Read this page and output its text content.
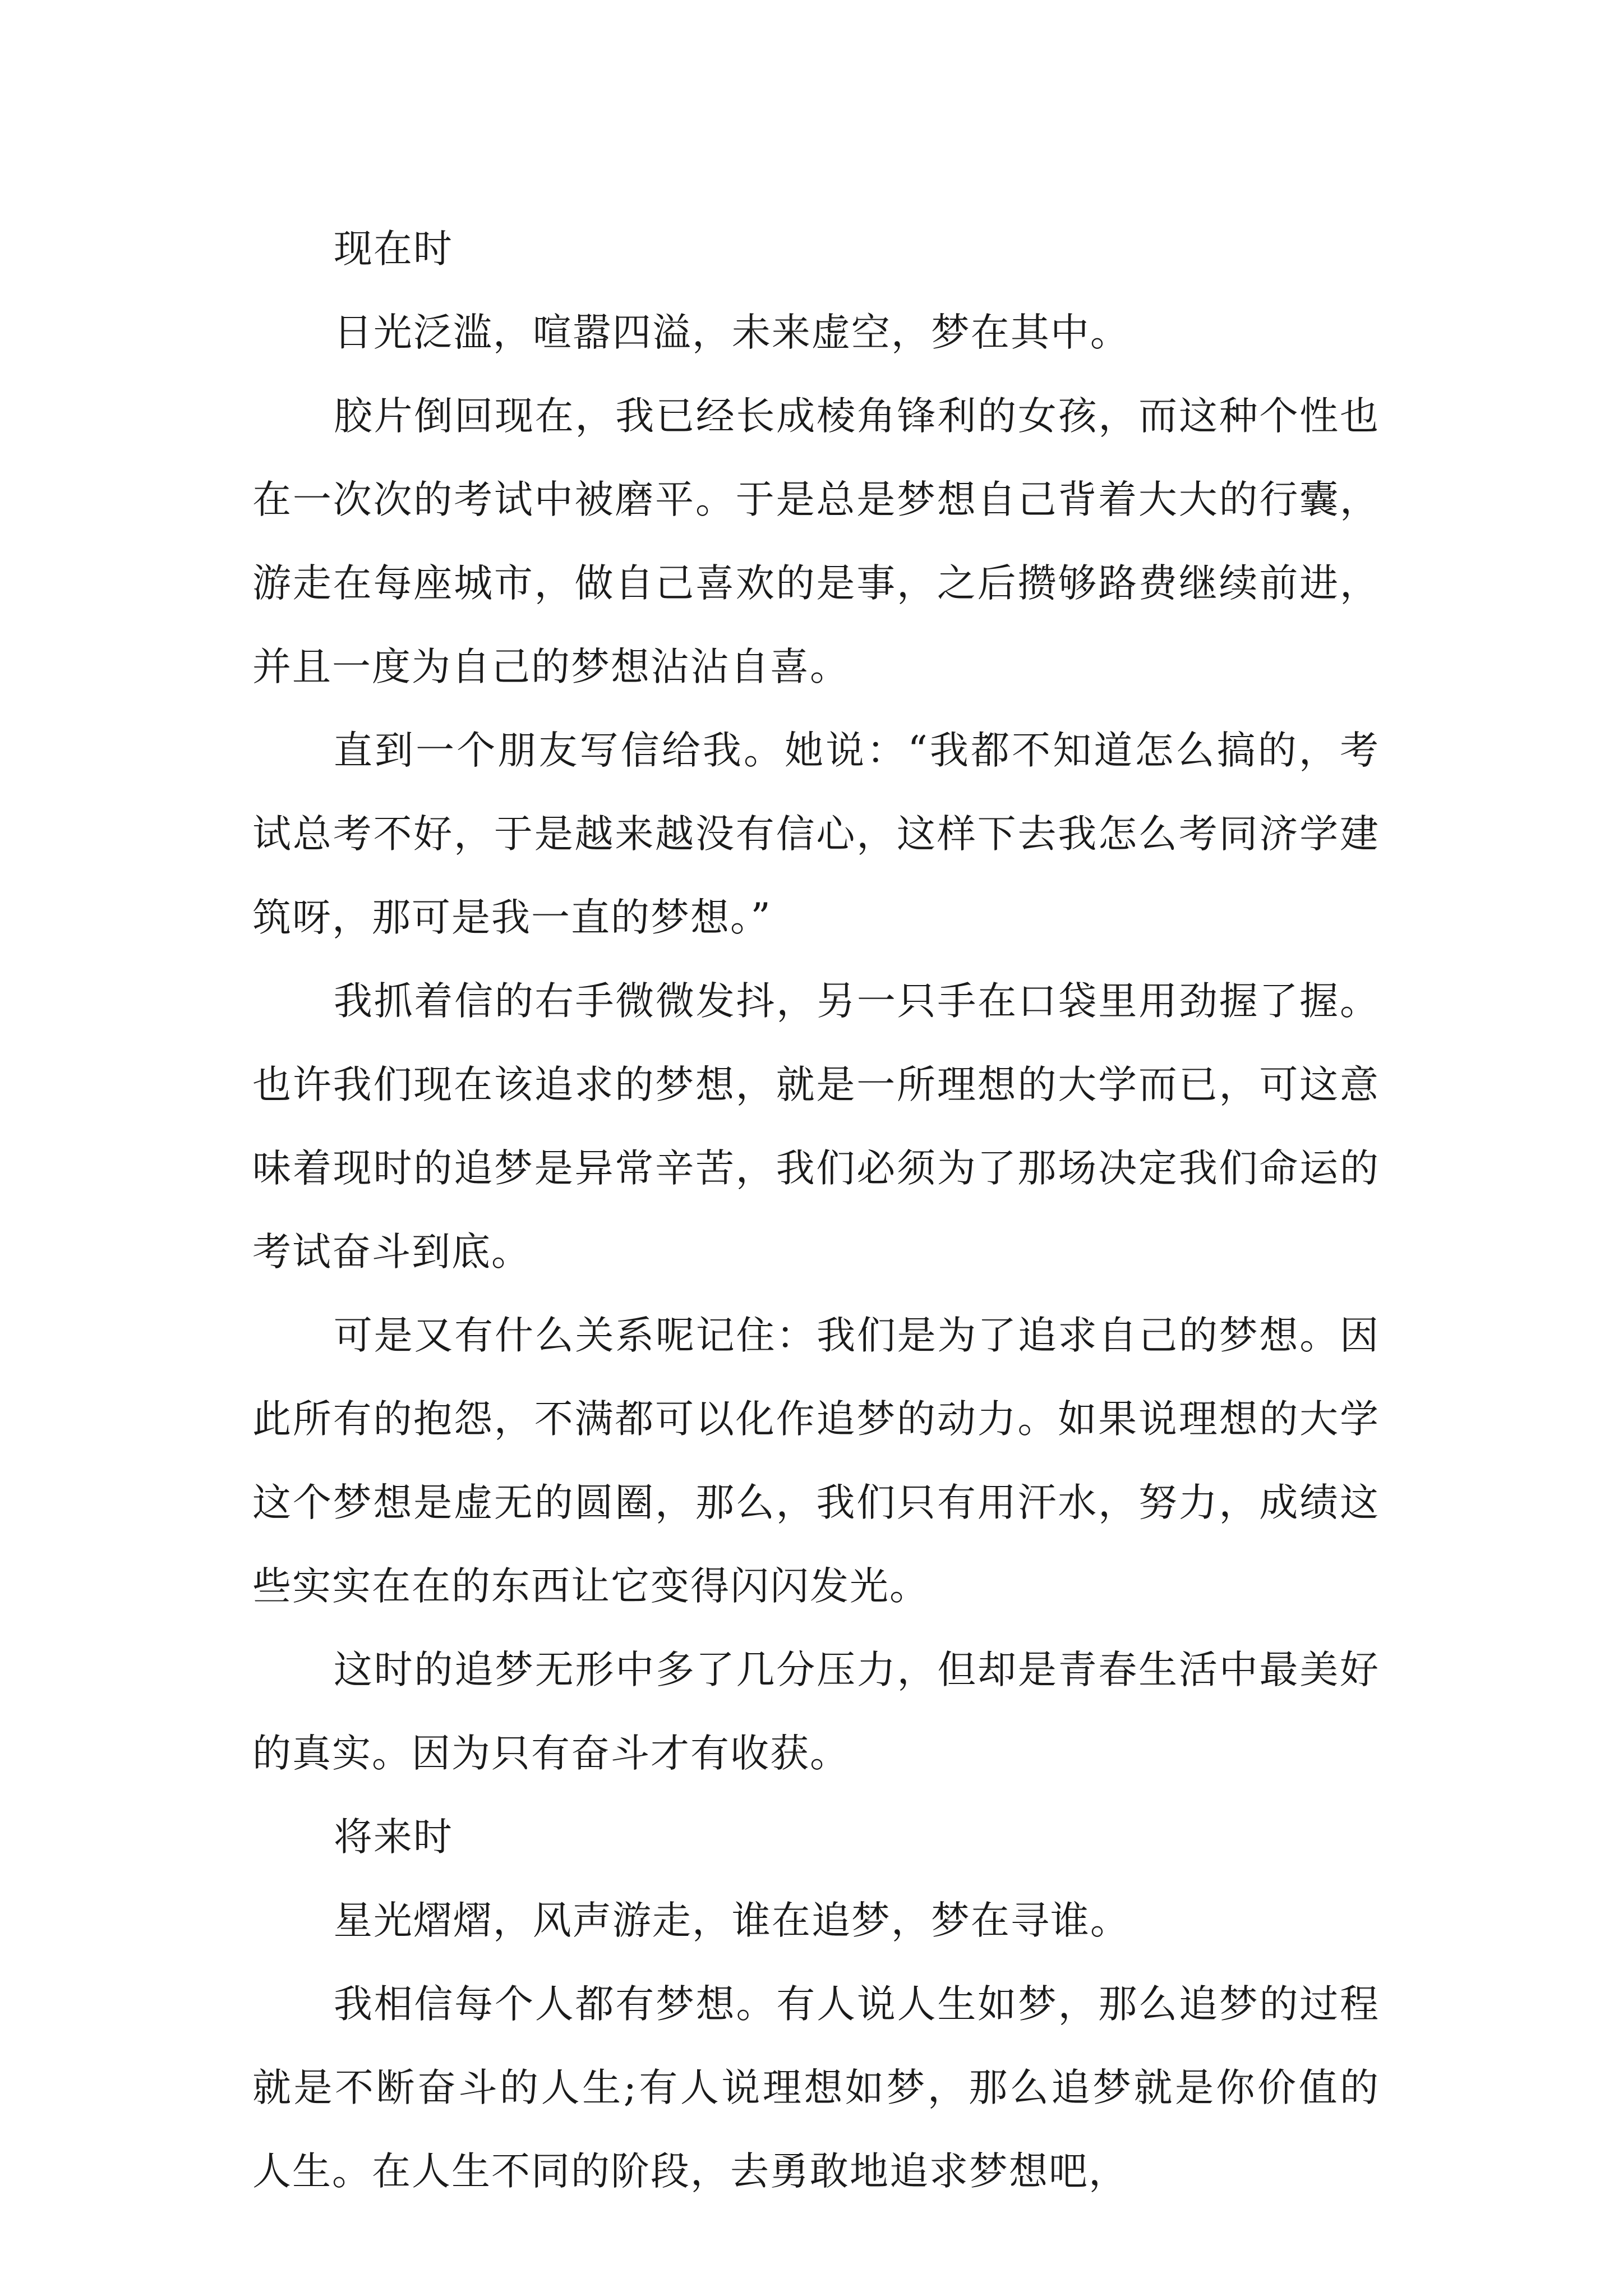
现在时

日光泛滥，喧嚣四溢，未来虚空，梦在其中。

胶片倒回现在，我已经长成棱角锋利的女孩，而这种个性也在一次次的考试中被磨平。于是总是梦想自己背着大大的行囊，游走在每座城市，做自己喜欢的是事，之后攒够路费继续前进，并且一度为自己的梦想沾沾自喜。

直到一个朋友写信给我。她说：“我都不知道怎么搞的，考试总考不好，于是越来越没有信心，这样下去我怎么考同济学建筑呀，那可是我一直的梦想。”

我抓着信的右手微微发抖，另一只手在口袋里用劲握了握。也许我们现在该追求的梦想，就是一所理想的大学而已，可这意味着现时的追梦是异常辛苦，我们必须为了那场决定我们命运的考试奋斗到底。

可是又有什么关系呢记住：我们是为了追求自己的梦想。因此所有的抱怨，不满都可以化作追梦的动力。如果说理想的大学这个梦想是虚无的圆圈，那么，我们只有用汗水，努力，成绩这些实实在在的东西让它变得闪闪发光。

这时的追梦无形中多了几分压力，但却是青春生活中最美好的真实。因为只有奋斗才有收获。

将来时

星光熠熠，风声游走，谁在追梦，梦在寻谁。

我相信每个人都有梦想。有人说人生如梦，那么追梦的过程就是不断奋斗的人生;有人说理想如梦，那么追梦就是你价值的人生。在人生不同的阶段，去勇敢地追求梦想吧，
